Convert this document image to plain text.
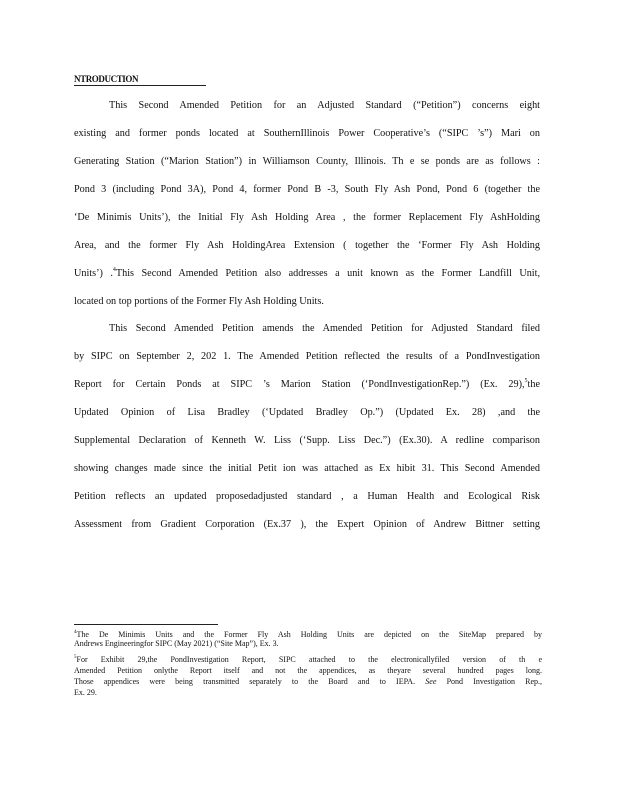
NTRODUCTION
This Second Amended Petition for an Adjusted Standard (“Petition”) concerns eight
existing and former ponds located at SouthernIllinois Power Cooperative’s (“SIPC ’s”) Mari on
Generating Station (“Marion Station”) in Williamson County, Illinois. Th e se ponds are as follows :
Pond 3 (including Pond 3A), Pond 4, former Pond B -3, South Fly Ash Pond, Pond 6 (together the
‘De Minimis Units’), the Initial Fly Ash Holding Area , the former Replacement Fly AshHolding
Area, and the former Fly Ash HoldingArea Extension ( together the ‘Former Fly Ash Holding
Units’) .$^4$This Second Amended Petition also addresses a unit known as the Former Landfill Unit,
located on top portions of the Former Fly Ash Holding Units.
This Second Amended Petition amends the Amended Petition for Adjusted Standard filed
by SIPC on September 2, 202 1. The Amended Petition reflected the results of a PondInvestigation
Report for Certain Ponds at SIPC ’s Marion Station (‘PondInvestigationRep.”) (Ex. 29),$^5$the
Updated Opinion of Lisa Bradley (‘Updated Bradley Op.”) (Updated Ex. 28) ,and the
Supplemental Declaration of Kenneth W. Liss (‘Supp. Liss Dec.”) (Ex.30). A redline comparison
showing changes made since the initial Petit ion was attached as Ex hibit 31. This Second Amended
Petition reflects an updated proposedadjusted standard , a Human Health and Ecological Risk
Assessment from Gradient Corporation (Ex.37 ), the Expert Opinion of Andrew Bittner setting
$^4$The De Minimis Units and the Former Fly Ash Holding Units are depicted on the SiteMap prepared by
Andrews Engineeringfor SIPC (May 2021) (“Site Map”), Ex. 3.
$^5$For Exhibit 29,the PondInvestigation Report, SIPC attached to the electronicallyfiled version of th e
Amended Petition onlythe Report itself and not the appendices, as theyare several hundred pages long.
Those appendices were being transmitted separately to the Board and to IEPA. See Pond Investigation Rep.,
Ex. 29.
